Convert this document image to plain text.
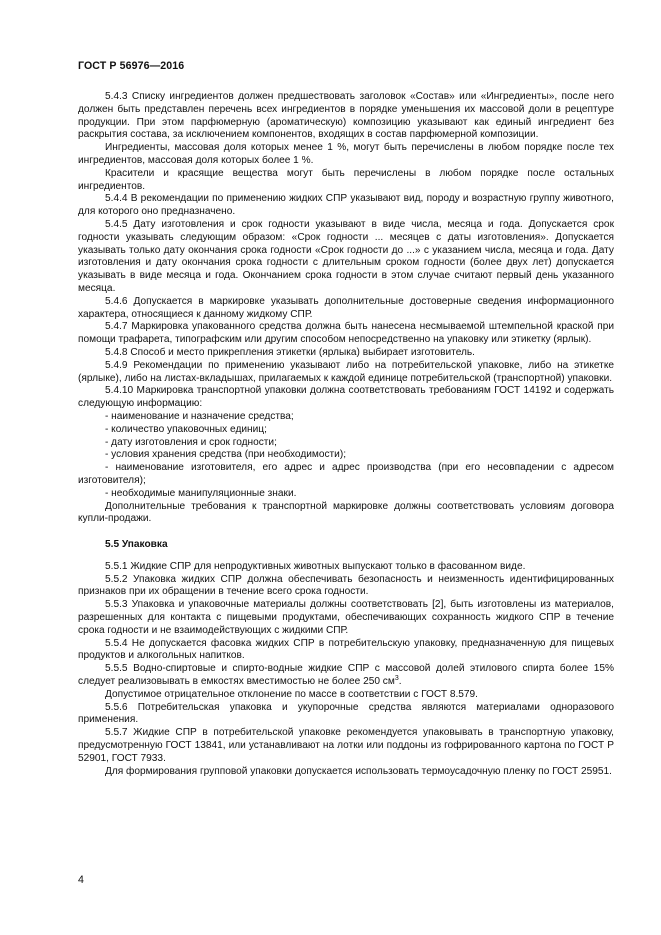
ГОСТ Р 56976—2016

5.4.3 Списку ингредиентов должен предшествовать заголовок «Состав» или «Ингредиенты», после него должен быть представлен перечень всех ингредиентов в порядке уменьшения их массовой доли в рецептуре продукции. При этом парфюмерную (ароматическую) композицию указывают как единый ингредиент без раскрытия состава, за исключением компонентов, входящих в состав парфюмерной композиции.

Ингредиенты, массовая доля которых менее 1 %, могут быть перечислены в любом порядке после тех ингредиентов, массовая доля которых более 1 %.

Красители и красящие вещества могут быть перечислены в любом порядке после остальных ингредиентов.

5.4.4 В рекомендации по применению жидких СПР указывают вид, породу и возрастную группу животного, для которого оно предназначено.

5.4.5 Дату изготовления и срок годности указывают в виде числа, месяца и года. Допускается срок годности указывать следующим образом: «Срок годности ... месяцев с даты изготовления». Допускается указывать только дату окончания срока годности «Срок годности до ...» с указанием числа, месяца и года. Дату изготовления и дату окончания срока годности с длительным сроком годности (более двух лет) допускается указывать в виде месяца и года. Окончанием срока годности в этом случае считают первый день указанного месяца.

5.4.6 Допускается в маркировке указывать дополнительные достоверные сведения информационного характера, относящиеся к данному жидкому СПР.

5.4.7 Маркировка упакованного средства должна быть нанесена несмываемой штемпельной краской при помощи трафарета, типографским или другим способом непосредственно на упаковку или этикетку (ярлык).

5.4.8 Способ и место прикрепления этикетки (ярлыка) выбирает изготовитель.

5.4.9 Рекомендации по применению указывают либо на потребительской упаковке, либо на этикетке (ярлыке), либо на листах-вкладышах, прилагаемых к каждой единице потребительской (транспортной) упаковки.

5.4.10 Маркировка транспортной упаковки должна соответствовать требованиям ГОСТ 14192 и содержать следующую информацию:

- наименование и назначение средства;

- количество упаковочных единиц;

- дату изготовления и срок годности;

- условия хранения средства (при необходимости);

- наименование изготовителя, его адрес и адрес производства (при его несовпадении с адресом изготовителя);

- необходимые манипуляционные знаки.

Дополнительные требования к транспортной маркировке должны соответствовать условиям договора купли-продажи.

5.5 Упаковка

5.5.1 Жидкие СПР для непродуктивных животных выпускают только в фасованном виде.

5.5.2 Упаковка жидких СПР должна обеспечивать безопасность и неизменность идентифицированных признаков при их обращении в течение всего срока годности.

5.5.3 Упаковка и упаковочные материалы должны соответствовать [2], быть изготовлены из материалов, разрешенных для контакта с пищевыми продуктами, обеспечивающих сохранность жидкого СПР в течение срока годности и не взаимодействующих с жидкими СПР.

5.5.4 Не допускается фасовка жидких СПР в потребительскую упаковку, предназначенную для пищевых продуктов и алкогольных напитков.

5.5.5 Водно-спиртовые и спирто-водные жидкие СПР с массовой долей этилового спирта более 15% следует реализовывать в емкостях вместимостью не более 250 $см^3$.

Допустимое отрицательное отклонение по массе в соответствии с ГОСТ 8.579.

5.5.6 Потребительская упаковка и укупорочные средства являются материалами одноразового применения.

5.5.7 Жидкие СПР в потребительской упаковке рекомендуется упаковывать в транспортную упаковку, предусмотренную ГОСТ 13841, или устанавливают на лотки или поддоны из гофрированного картона по ГОСТ Р 52901, ГОСТ 7933.

Для формирования групповой упаковки допускается использовать термоусадочную пленку по ГОСТ 25951.

4
